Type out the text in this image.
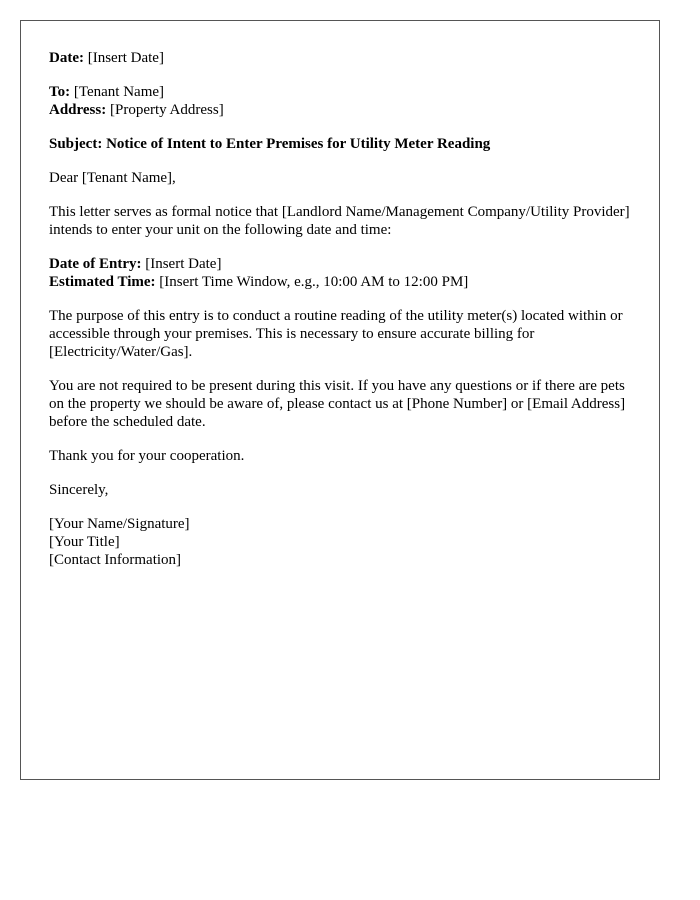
Date: [Insert Date]

To: [Tenant Name]
Address: [Property Address]

Subject: Notice of Intent to Enter Premises for Utility Meter Reading

Dear [Tenant Name],

This letter serves as formal notice that [Landlord Name/Management Company/Utility Provider] intends to enter your unit on the following date and time:

Date of Entry: [Insert Date]
Estimated Time: [Insert Time Window, e.g., 10:00 AM to 12:00 PM]

The purpose of this entry is to conduct a routine reading of the utility meter(s) located within or accessible through your premises. This is necessary to ensure accurate billing for [Electricity/Water/Gas].

You are not required to be present during this visit. If you have any questions or if there are pets on the property we should be aware of, please contact us at [Phone Number] or [Email Address] before the scheduled date.

Thank you for your cooperation.

Sincerely,

[Your Name/Signature]
[Your Title]
[Contact Information]
